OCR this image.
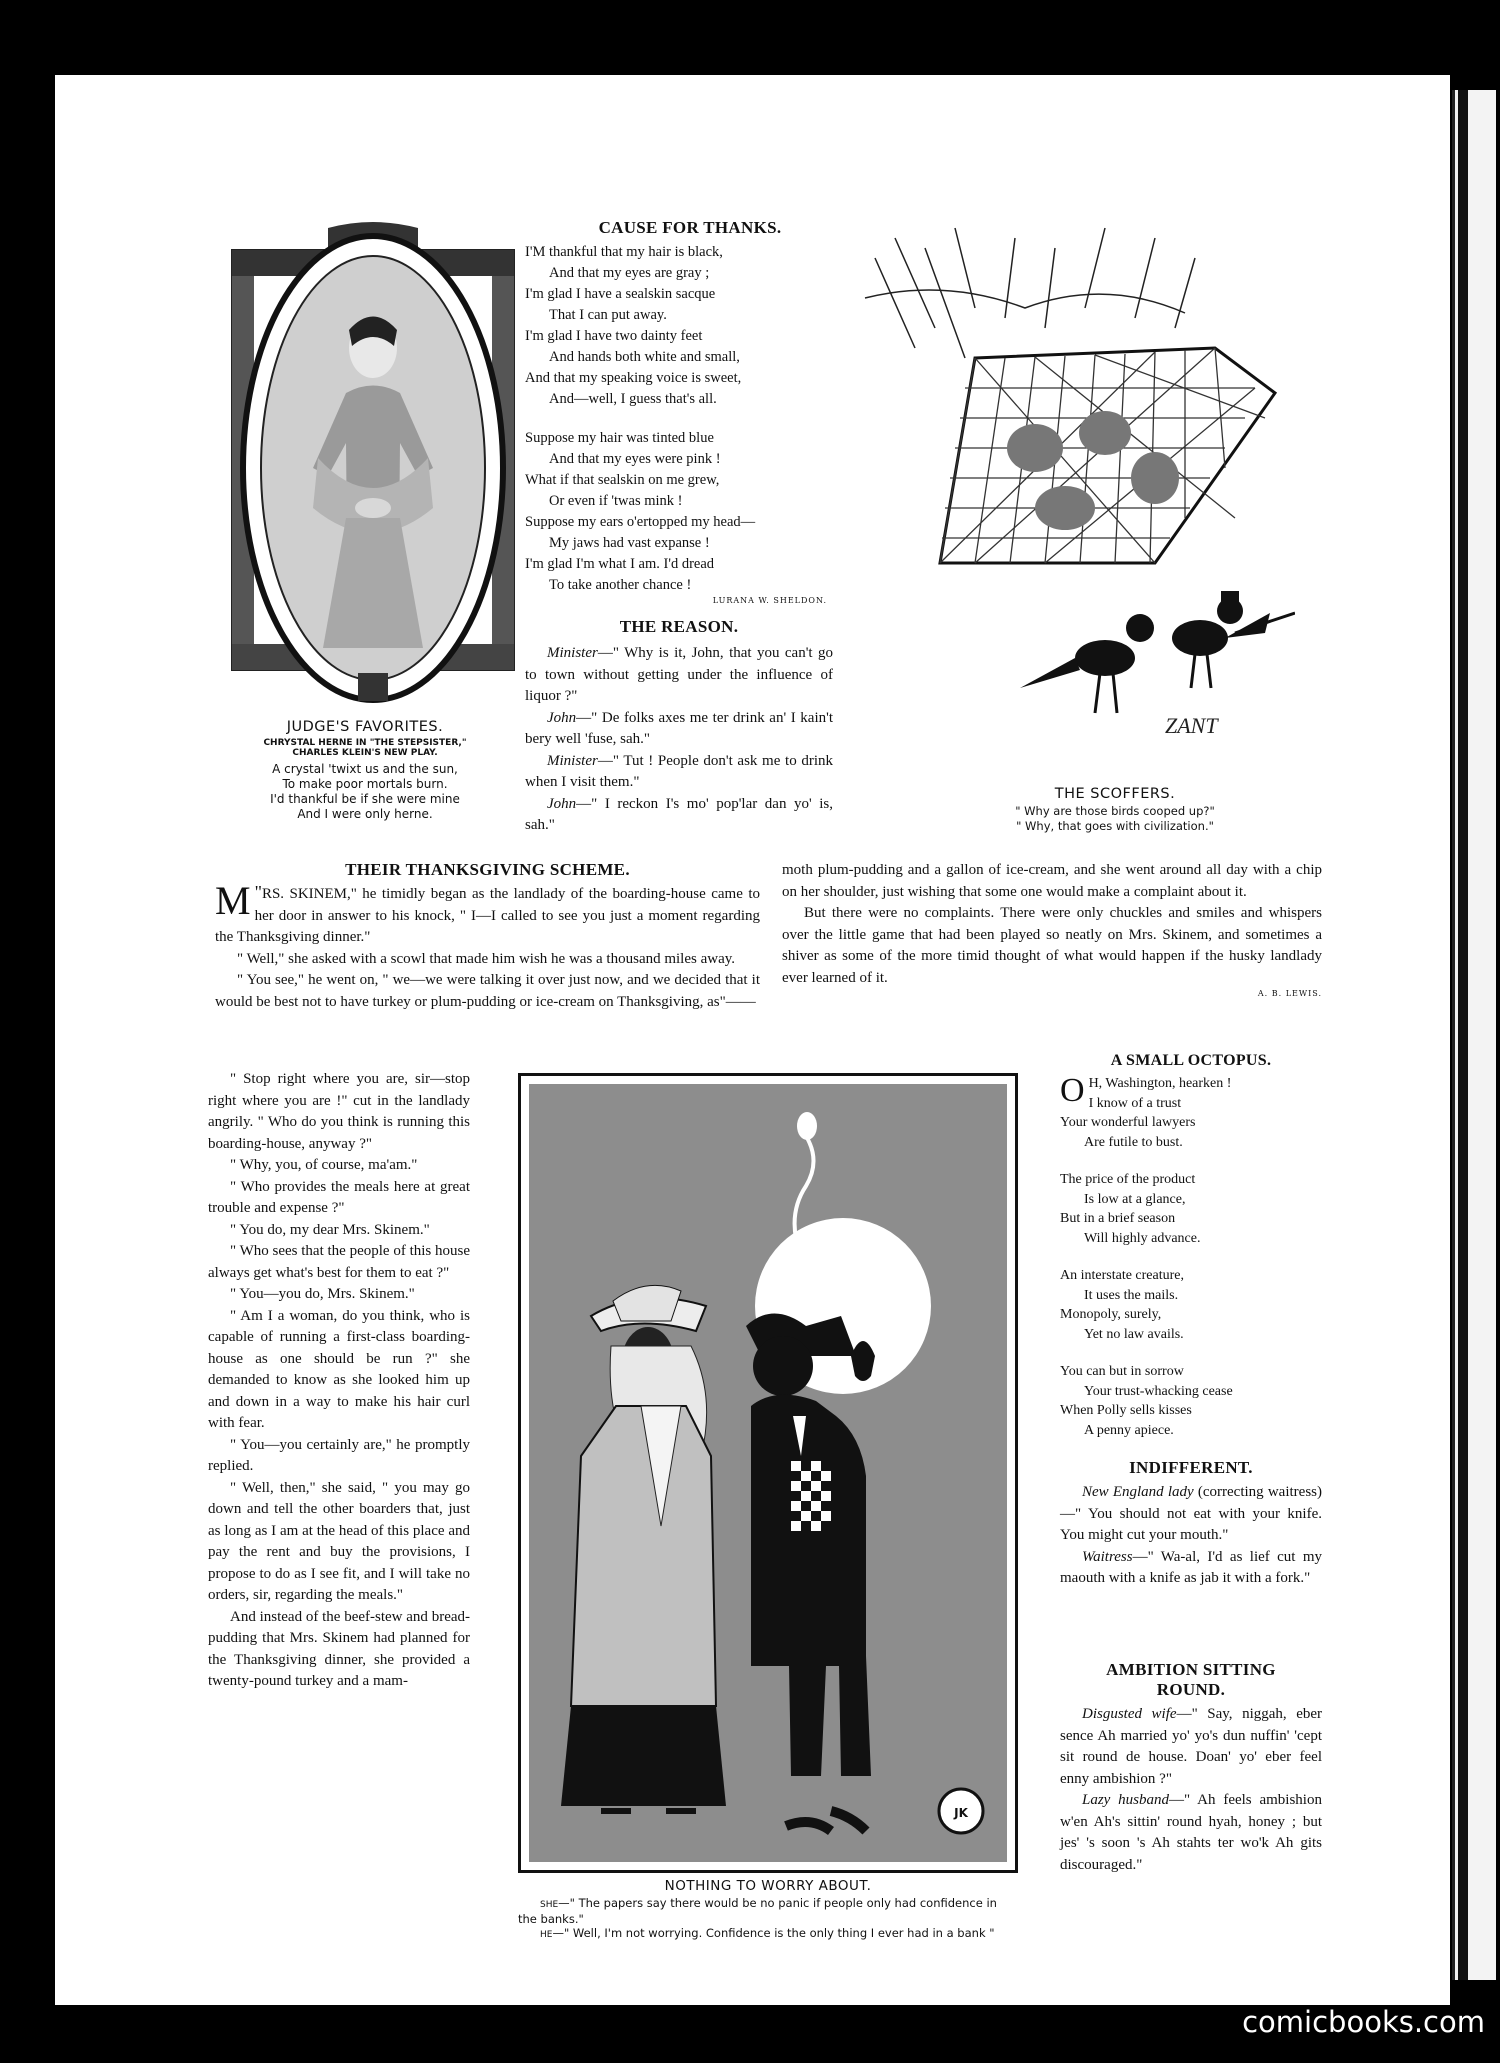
JUDGE'S FAVORITES.
CHRYSTAL HERNE IN "THE STEPSISTER,"
CHARLES KLEIN'S NEW PLAY.
A crystal 'twixt us and the sun,
To make poor mortals burn.
I'd thankful be if she were mine
And I were only herne.
CAUSE FOR THANKS.
I'M thankful that my hair is black,
And that my eyes are gray ;
I'm glad I have a sealskin sacque
That I can put away.
I'm glad I have two dainty feet
And hands both white and small,
And that my speaking voice is sweet,
And—well, I guess that's all.
Suppose my hair was tinted blue
And that my eyes were pink !
What if that sealskin on me grew,
Or even if 'twas mink !
Suppose my ears o'ertopped my head—
My jaws had vast expanse !
I'm glad I'm what I am. I'd dread
To take another chance !
LURANA W. SHELDON.
THE REASON.

Minister—" Why is it, John, that you can't go to town without getting under the influence of liquor ?"

John—" De folks axes me ter drink an' I kain't bery well 'fuse, sah."

Minister—" Tut ! People don't ask me to drink when I visit them."

John—" I reckon I's mo' pop'lar dan yo' is, sah."

ZANT
THE SCOFFERS.
" Why are those birds cooped up?"
" Why, that goes with civilization."
THEIR THANKSGIVING SCHEME.

"
M RS. SKINEM," he timidly began as the landlady of the boarding-house came to her door in answer to his knock, " I—I called to see you just a moment regarding the Thanksgiving dinner."

" Well," she asked with a scowl that made him wish he was a thousand miles away.

" You see," he went on, " we—we were talking it over just now, and we decided that it would be best not to have turkey or plum-pudding or ice-cream on Thanksgiving, as"——

moth plum-pudding and a gallon of ice-cream, and she went around all day with a chip on her shoulder, just wishing that some one would make a complaint about it.

But there were no complaints. There were only chuckles and smiles and whispers over the little game that had been played so neatly on Mrs. Skinem, and sometimes a shiver as some of the more timid thought of what would happen if the husky landlady ever learned of it.

A. B. LEWIS.

" Stop right where you are, sir—stop right where you are !" cut in the landlady angrily. " Who do you think is running this boarding-house, anyway ?"

" Why, you, of course, ma'am."

" Who provides the meals here at great trouble and expense ?"

" You do, my dear Mrs. Skinem."

" Who sees that the people of this house always get what's best for them to eat ?"

" You—you do, Mrs. Skinem."

" Am I a woman, do you think, who is capable of running a first-class boarding-house as one should be run ?" she demanded to know as she looked him up and down in a way to make his hair curl with fear.

" You—you certainly are," he promptly replied.

" Well, then," she said, " you may go down and tell the other boarders that, just as long as I am at the head of this place and pay the rent and buy the provisions, I propose to do as I see fit, and I will take no orders, sir, regarding the meals."

And instead of the beef-stew and bread-pudding that Mrs. Skinem had planned for the Thanksgiving dinner, she provided a twenty-pound turkey and a mam-

JK
NOTHING TO WORRY ABOUT.
SHE—" The papers say there would be no panic if people only had confidence in the banks."
HE—" Well, I'm not worrying. Confidence is the only thing I ever had in a bank "
A SMALL OCTOPUS.
O H, Washington, hearken !
I know of a trust
Your wonderful lawyers
Are futile to bust.
The price of the product
Is low at a glance,
But in a brief season
Will highly advance.
An interstate creature,
It uses the mails.
Monopoly, surely,
Yet no law avails.
You can but in sorrow
Your trust-whacking cease
When Polly sells kisses
A penny apiece.
INDIFFERENT.

New England lady (correcting waitress)—" You should not eat with your knife. You might cut your mouth."

Waitress—" Wa-al, I'd as lief cut my maouth with a knife as jab it with a fork."

AMBITION SITTING
ROUND.

Disgusted wife—" Say, niggah, eber sence Ah married yo' yo's dun nuffin' 'cept sit round de house. Doan' yo' eber feel enny ambishion ?"

Lazy husband—" Ah feels ambishion w'en Ah's sittin' round hyah, honey ; but jes' 's soon 's Ah stahts ter wo'k Ah gits discouraged."

comicbooks.com
